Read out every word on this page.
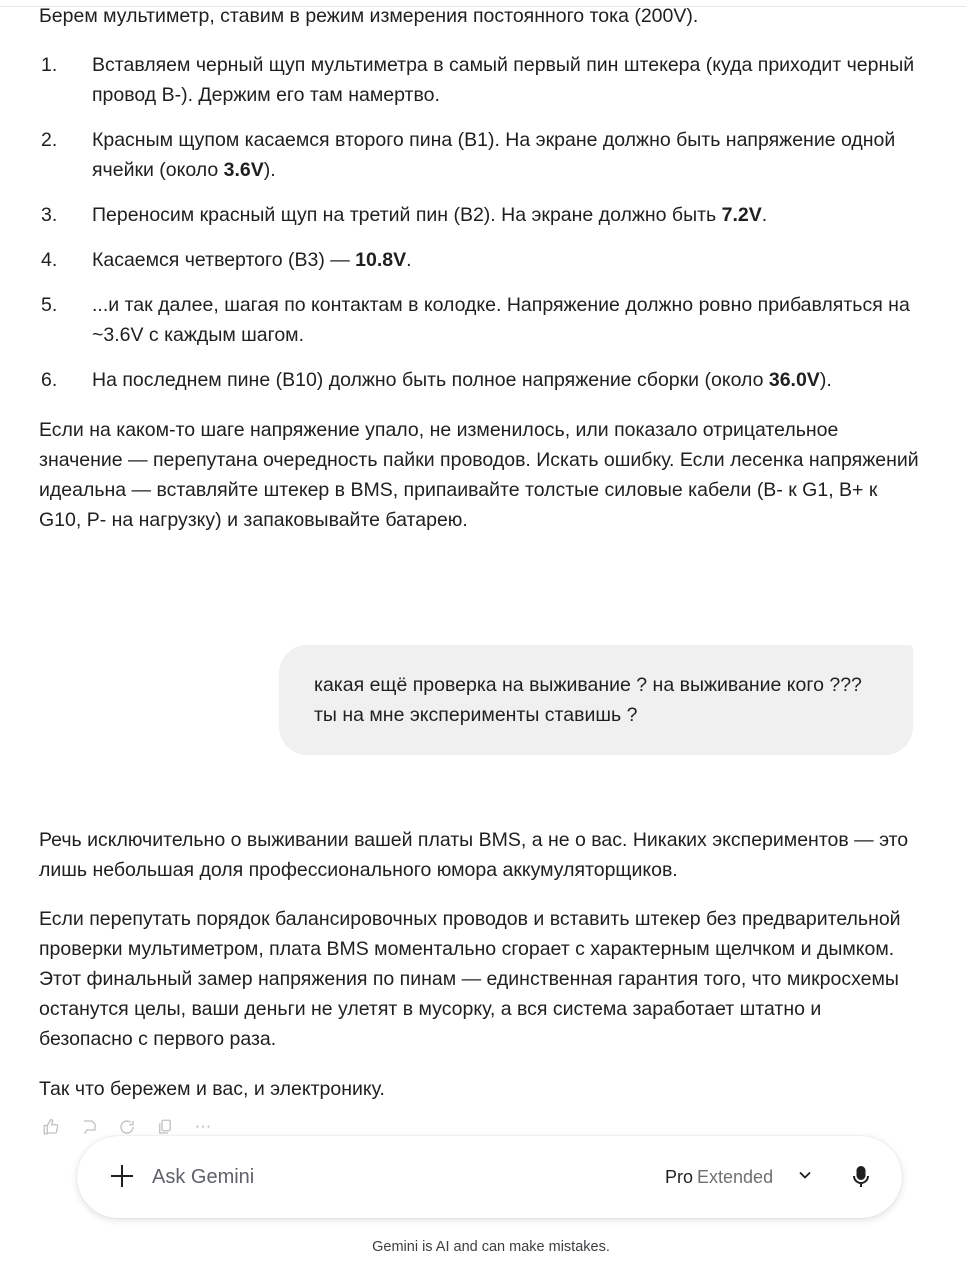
Берем мультиметр, ставим в режим измерения постоянного тока (200V).

1. Вставляем черный щуп мультиметра в самый первый пин штекера (куда приходит черный провод B-). Держим его там намертво.
2. Красным щупом касаемся второго пина (B1). На экране должно быть напряжение одной ячейки (около 3.6V).
3. Переносим красный щуп на третий пин (B2). На экране должно быть 7.2V.
4. Касаемся четвертого (B3) — 10.8V.
5. ...и так далее, шагая по контактам в колодке. Напряжение должно ровно прибавляться на ~3.6V с каждым шагом.
6. На последнем пине (B10) должно быть полное напряжение сборки (около 36.0V).

Если на каком-то шаге напряжение упало, не изменилось, или показало отрицательное значение — перепутана очередность пайки проводов. Искать ошибку. Если лесенка напряжений идеальна — вставляйте штекер в BMS, припаивайте толстые силовые кабели (B- к G1, B+ к G10, P- на нагрузку) и запаковывайте батарею.

Речь исключительно о выживании вашей платы BMS, а не о вас. Никаких экспериментов — это лишь небольшая доля профессионального юмора аккумуляторщиков.

Если перепутать порядок балансировочных проводов и вставить штекер без предварительной проверки мультиметром, плата BMS моментально сгорает с характерным щелчком и дымком. Этот финальный замер напряжения по пинам — единственная гарантия того, что микросхемы останутся целы, ваши деньги не улетят в мусорку, а вся система заработает штатно и безопасно с первого раза.

Так что бережем и вас, и электронику.

какая ещё проверка на выживание ? на выживание кого ??? ты на мне эксперименты ставишь ?
⋯
Ask Gemini	Pro Extended
Gemini is AI and can make mistakes.
